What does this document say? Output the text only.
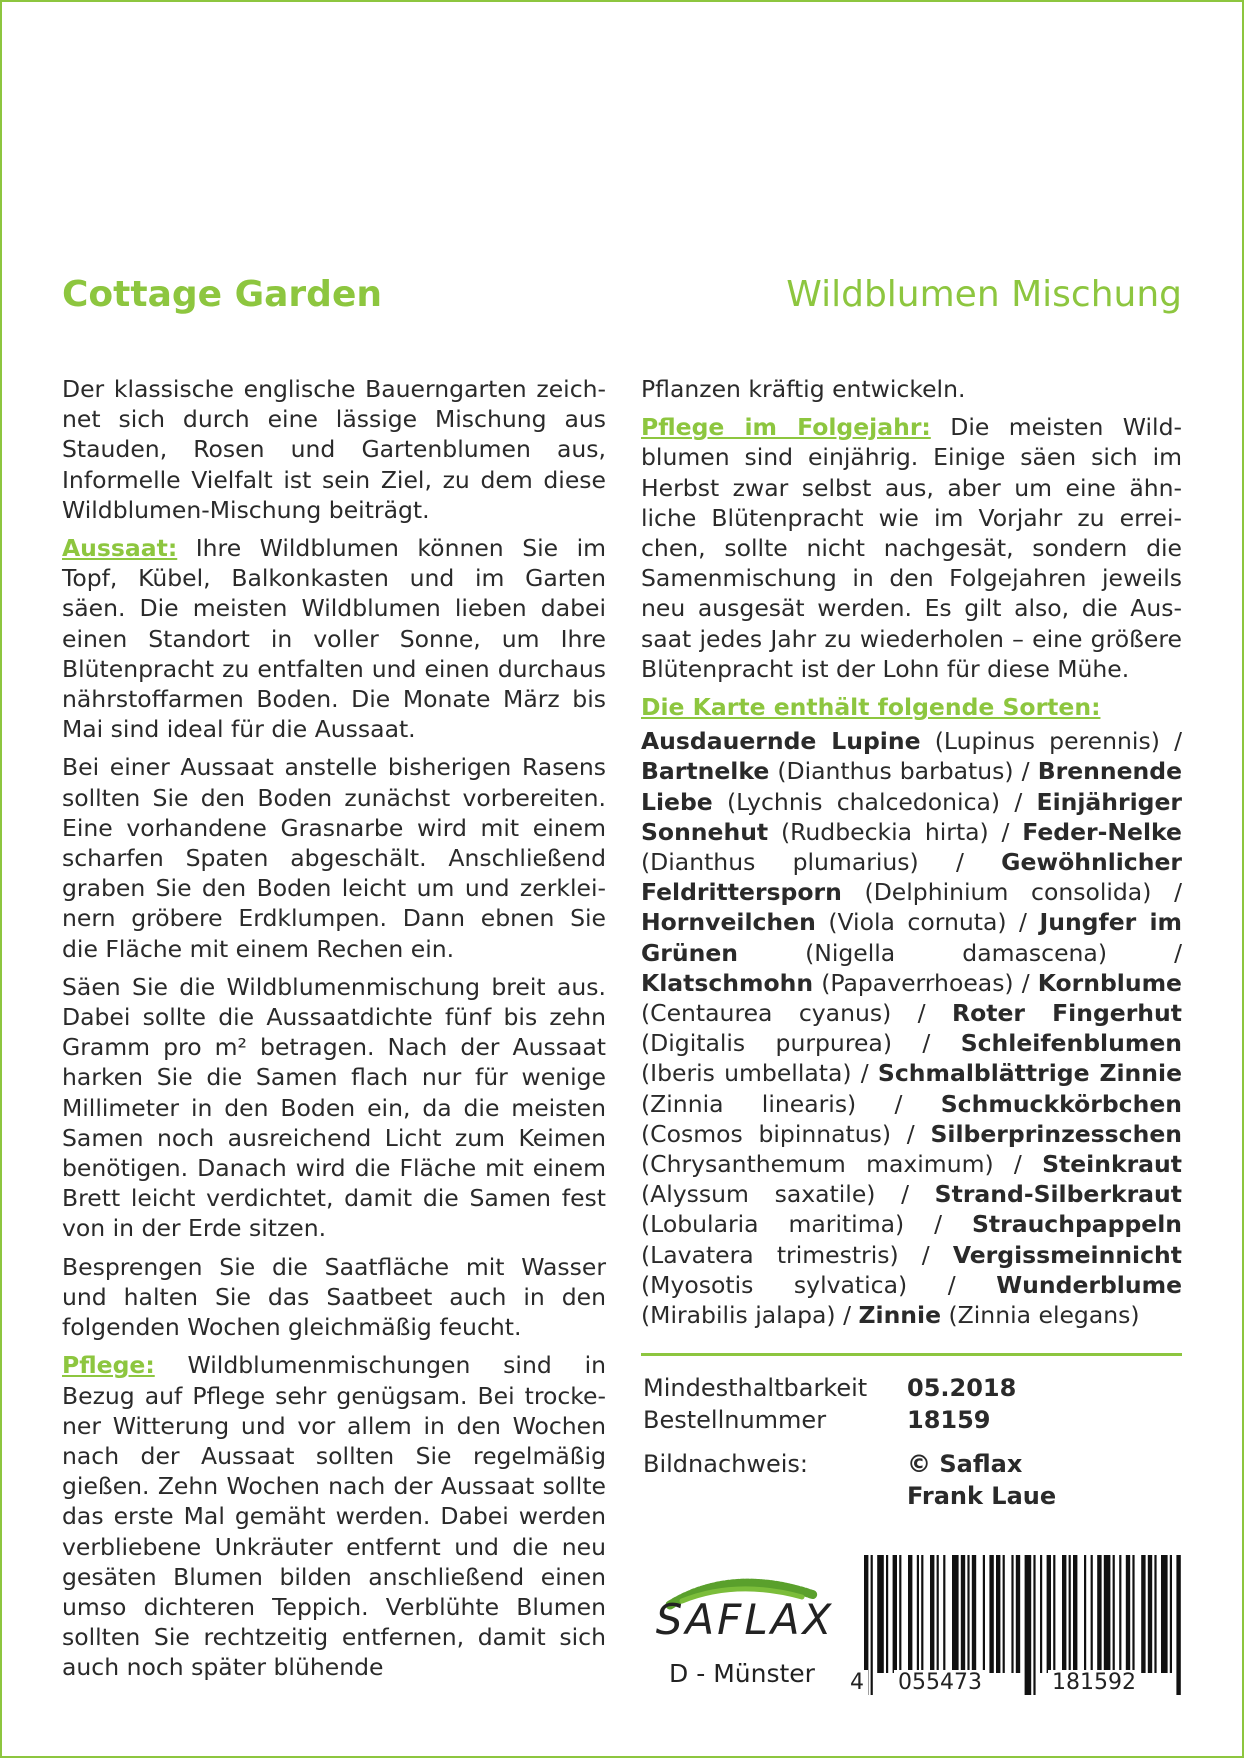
Cottage Garden	Wildblumen Mischung

Der klassische englische Bauerngarten zeichnet sich durch eine lässige Mischung aus Stauden, Rosen und Gartenblumen aus, Informelle Vielfalt ist sein Ziel, zu dem diese Wildblumen-Mischung beiträgt.

Aussaat: Ihre Wildblumen können Sie im Topf, Kübel, Balkonkasten und im Garten säen. Die meisten Wildblumen lieben dabei einen Standort in voller Sonne, um Ihre Blütenpracht zu entfalten und einen durchaus nährstoffarmen Boden. Die Monate März bis Mai sind ideal für die Aussaat.

Bei einer Aussaat anstelle bisherigen Rasens sollten Sie den Boden zunächst vorbereiten. Eine vorhandene Grasnarbe wird mit einem scharfen Spaten abgeschält. Anschließend graben Sie den Boden leicht um und zerkleinern gröbere Erdklumpen. Dann ebnen Sie die Fläche mit einem Rechen ein.

Säen Sie die Wildblumenmischung breit aus. Dabei sollte die Aussaatdichte fünf bis zehn Gramm pro m² betragen. Nach der Aussaat harken Sie die Samen flach nur für wenige Millimeter in den Boden ein, da die meisten Samen noch ausreichend Licht zum Keimen benötigen. Danach wird die Fläche mit einem Brett leicht verdichtet, damit die Samen fest von in der Erde sitzen.

Besprengen Sie die Saatfläche mit Wasser und halten Sie das Saatbeet auch in den folgenden Wochen gleichmäßig feucht.

Pflege: Wildblumenmischungen sind in Bezug auf Pflege sehr genügsam. Bei trockener Witterung und vor allem in den Wochen nach der Aussaat sollten Sie regelmäßig gießen. Zehn Wochen nach der Aussaat sollte das erste Mal gemäht werden. Dabei werden verbliebene Unkräuter entfernt und die neu gesäten Blumen bilden anschließend einen umso dichteren Teppich. Verblühte Blumen sollten Sie rechtzeitig entfernen, damit sich auch noch später blühende

Pflanzen kräftig entwickeln.

Pflege im Folgejahr: Die meisten Wildblumen sind einjährig. Einige säen sich im Herbst zwar selbst aus, aber um eine ähnliche Blütenpracht wie im Vorjahr zu erreichen, sollte nicht nachgesät, sondern die Samenmischung in den Folgejahren jeweils neu ausgesät werden. Es gilt also, die Aussaat jedes Jahr zu wiederholen – eine größere Blütenpracht ist der Lohn für diese Mühe.

Die Karte enthält folgende Sorten:
Ausdauernde Lupine (Lupinus perennis) / Bartnelke (Dianthus barbatus) / Brennende Liebe (Lychnis chalcedonica) / Einjähriger Sonnehut (Rudbeckia hirta) / Feder-Nelke (Dianthus plumarius) / Gewöhnlicher Feldrittersporn (Delphinium consolida) / Hornveilchen (Viola cornuta) / Jungfer im Grünen (Nigella damascena) / Klatschmohn (Papaverrhoeas) / Kornblume (Centaurea cyanus) / Roter Fingerhut (Digitalis purpurea) / Schleifenblumen (Iberis umbellata) / Schmalblättrige Zinnie (Zinnia linearis) / Schmuckkörbchen (Cosmos bipinnatus) / Silberprinzesschen (Chrysanthemum maximum) / Steinkraut (Alyssum saxatile) / Strand-Silberkraut (Lobularia maritima) / Strauchpappeln (Lavatera trimestris) / Vergissmeinnicht (Myosotis sylvatica) / Wunderblume (Mirabilis jalapa) / Zinnie (Zinnia elegans)
Mindesthaltbarkeit	05.2018
Bestellnummer	18159
Bildnachweis:	© Saflax
Frank Laue
SAFLAX
D - Münster	4 055473	181592
